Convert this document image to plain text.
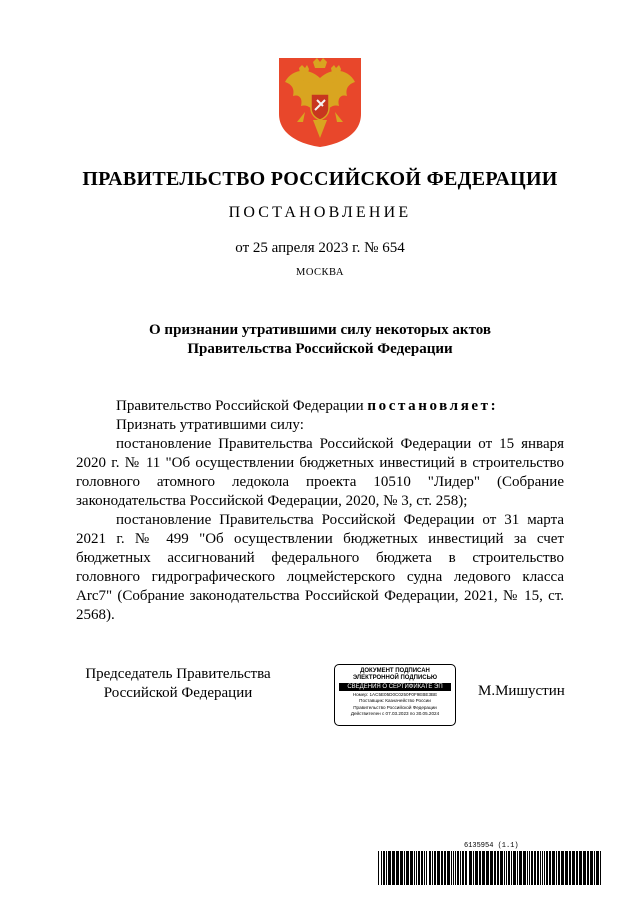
ПРАВИТЕЛЬСТВО РОССИЙСКОЙ ФЕДЕРАЦИИ
ПОСТАНОВЛЕНИЕ
от 25 апреля 2023 г. № 654
МОСКВА
О признании утратившими силу некоторых актов
Правительства Российской Федерации

Правительство Российской Федерации постановляет:

Признать утратившими силу:

постановление Правительства Российской Федерации от 15 января 2020 г. № 11 "Об осуществлении бюджетных инвестиций в строительство головного атомного ледокола проекта 10510 "Лидер" (Собрание законодательства Российской Федерации, 2020, № 3, ст. 258);

постановление Правительства Российской Федерации от 31 марта 2021 г. № 499 "Об осуществлении бюджетных инвестиций за счет бюджетных ассигнований федерального бюджета в строительство головного гидрографического лоцмейстерского судна ледового класса Arc7" (Собрание законодательства Российской Федерации, 2021, № 15, ст. 2568).

Председатель Правительства
Российской Федерации
ДОКУМЕНТ ПОДПИСАН
ЭЛЕКТРОННОЙ ПОДПИСЬЮ
СВЕДЕНИЯ О СЕРТИФИКАТЕ ЭП
Номер: 1AC5E05D0C0250F0F9EBE3BE
Поставщик: Казначейство России
Правительство Российской Федерации
Действителен с 07.03.2023 по 30.05.2024
М.Мишустин
6135954 (1.1)
